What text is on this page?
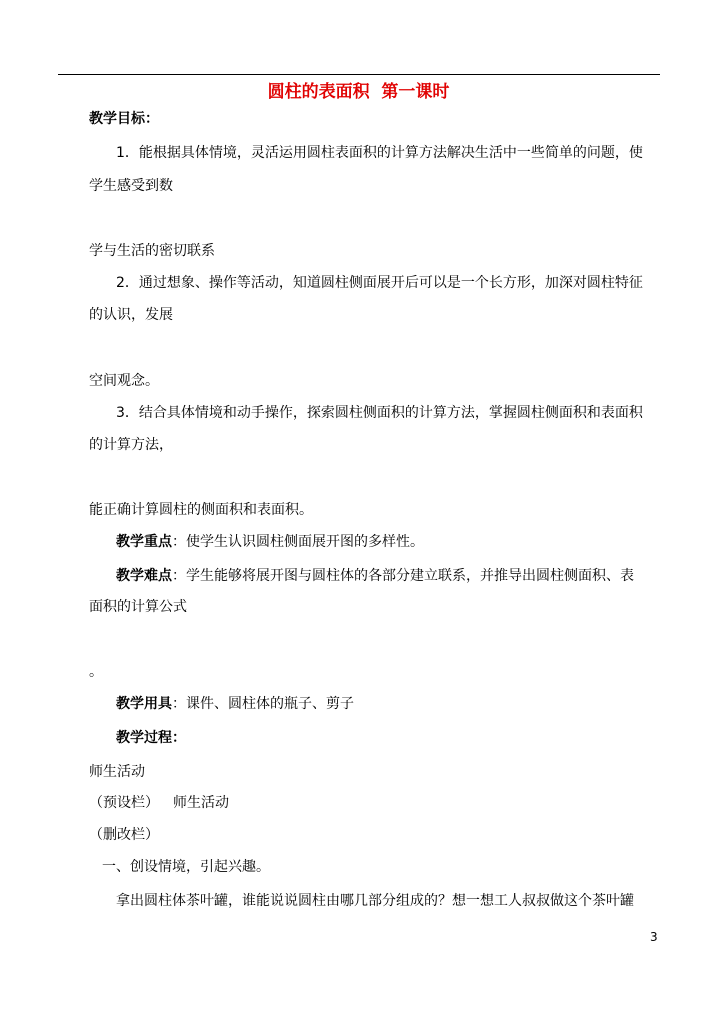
圆柱的表面积  第一课时
教学目标：
1．能根据具体情境，灵活运用圆柱表面积的计算方法解决生活中一些简单的问题，使
学生感受到数
学与生活的密切联系
2．通过想象、操作等活动，知道圆柱侧面展开后可以是一个长方形，加深对圆柱特征
的认识，发展
空间观念。
3．结合具体情境和动手操作，探索圆柱侧面积的计算方法，掌握圆柱侧面积和表面积
的计算方法，
能正确计算圆柱的侧面积和表面积。
教学重点：使学生认识圆柱侧面展开图的多样性。
教学难点：学生能够将展开图与圆柱体的各部分建立联系，并推导出圆柱侧面积、表
面积的计算公式
。
教学用具：课件、圆柱体的瓶子、剪子
教学过程：
师生活动
（预设栏） 师生活动
（删改栏）
一、创设情境，引起兴趣。
拿出圆柱体茶叶罐，谁能说说圆柱由哪几部分组成的？想一想工人叔叔做这个茶叶罐
3
